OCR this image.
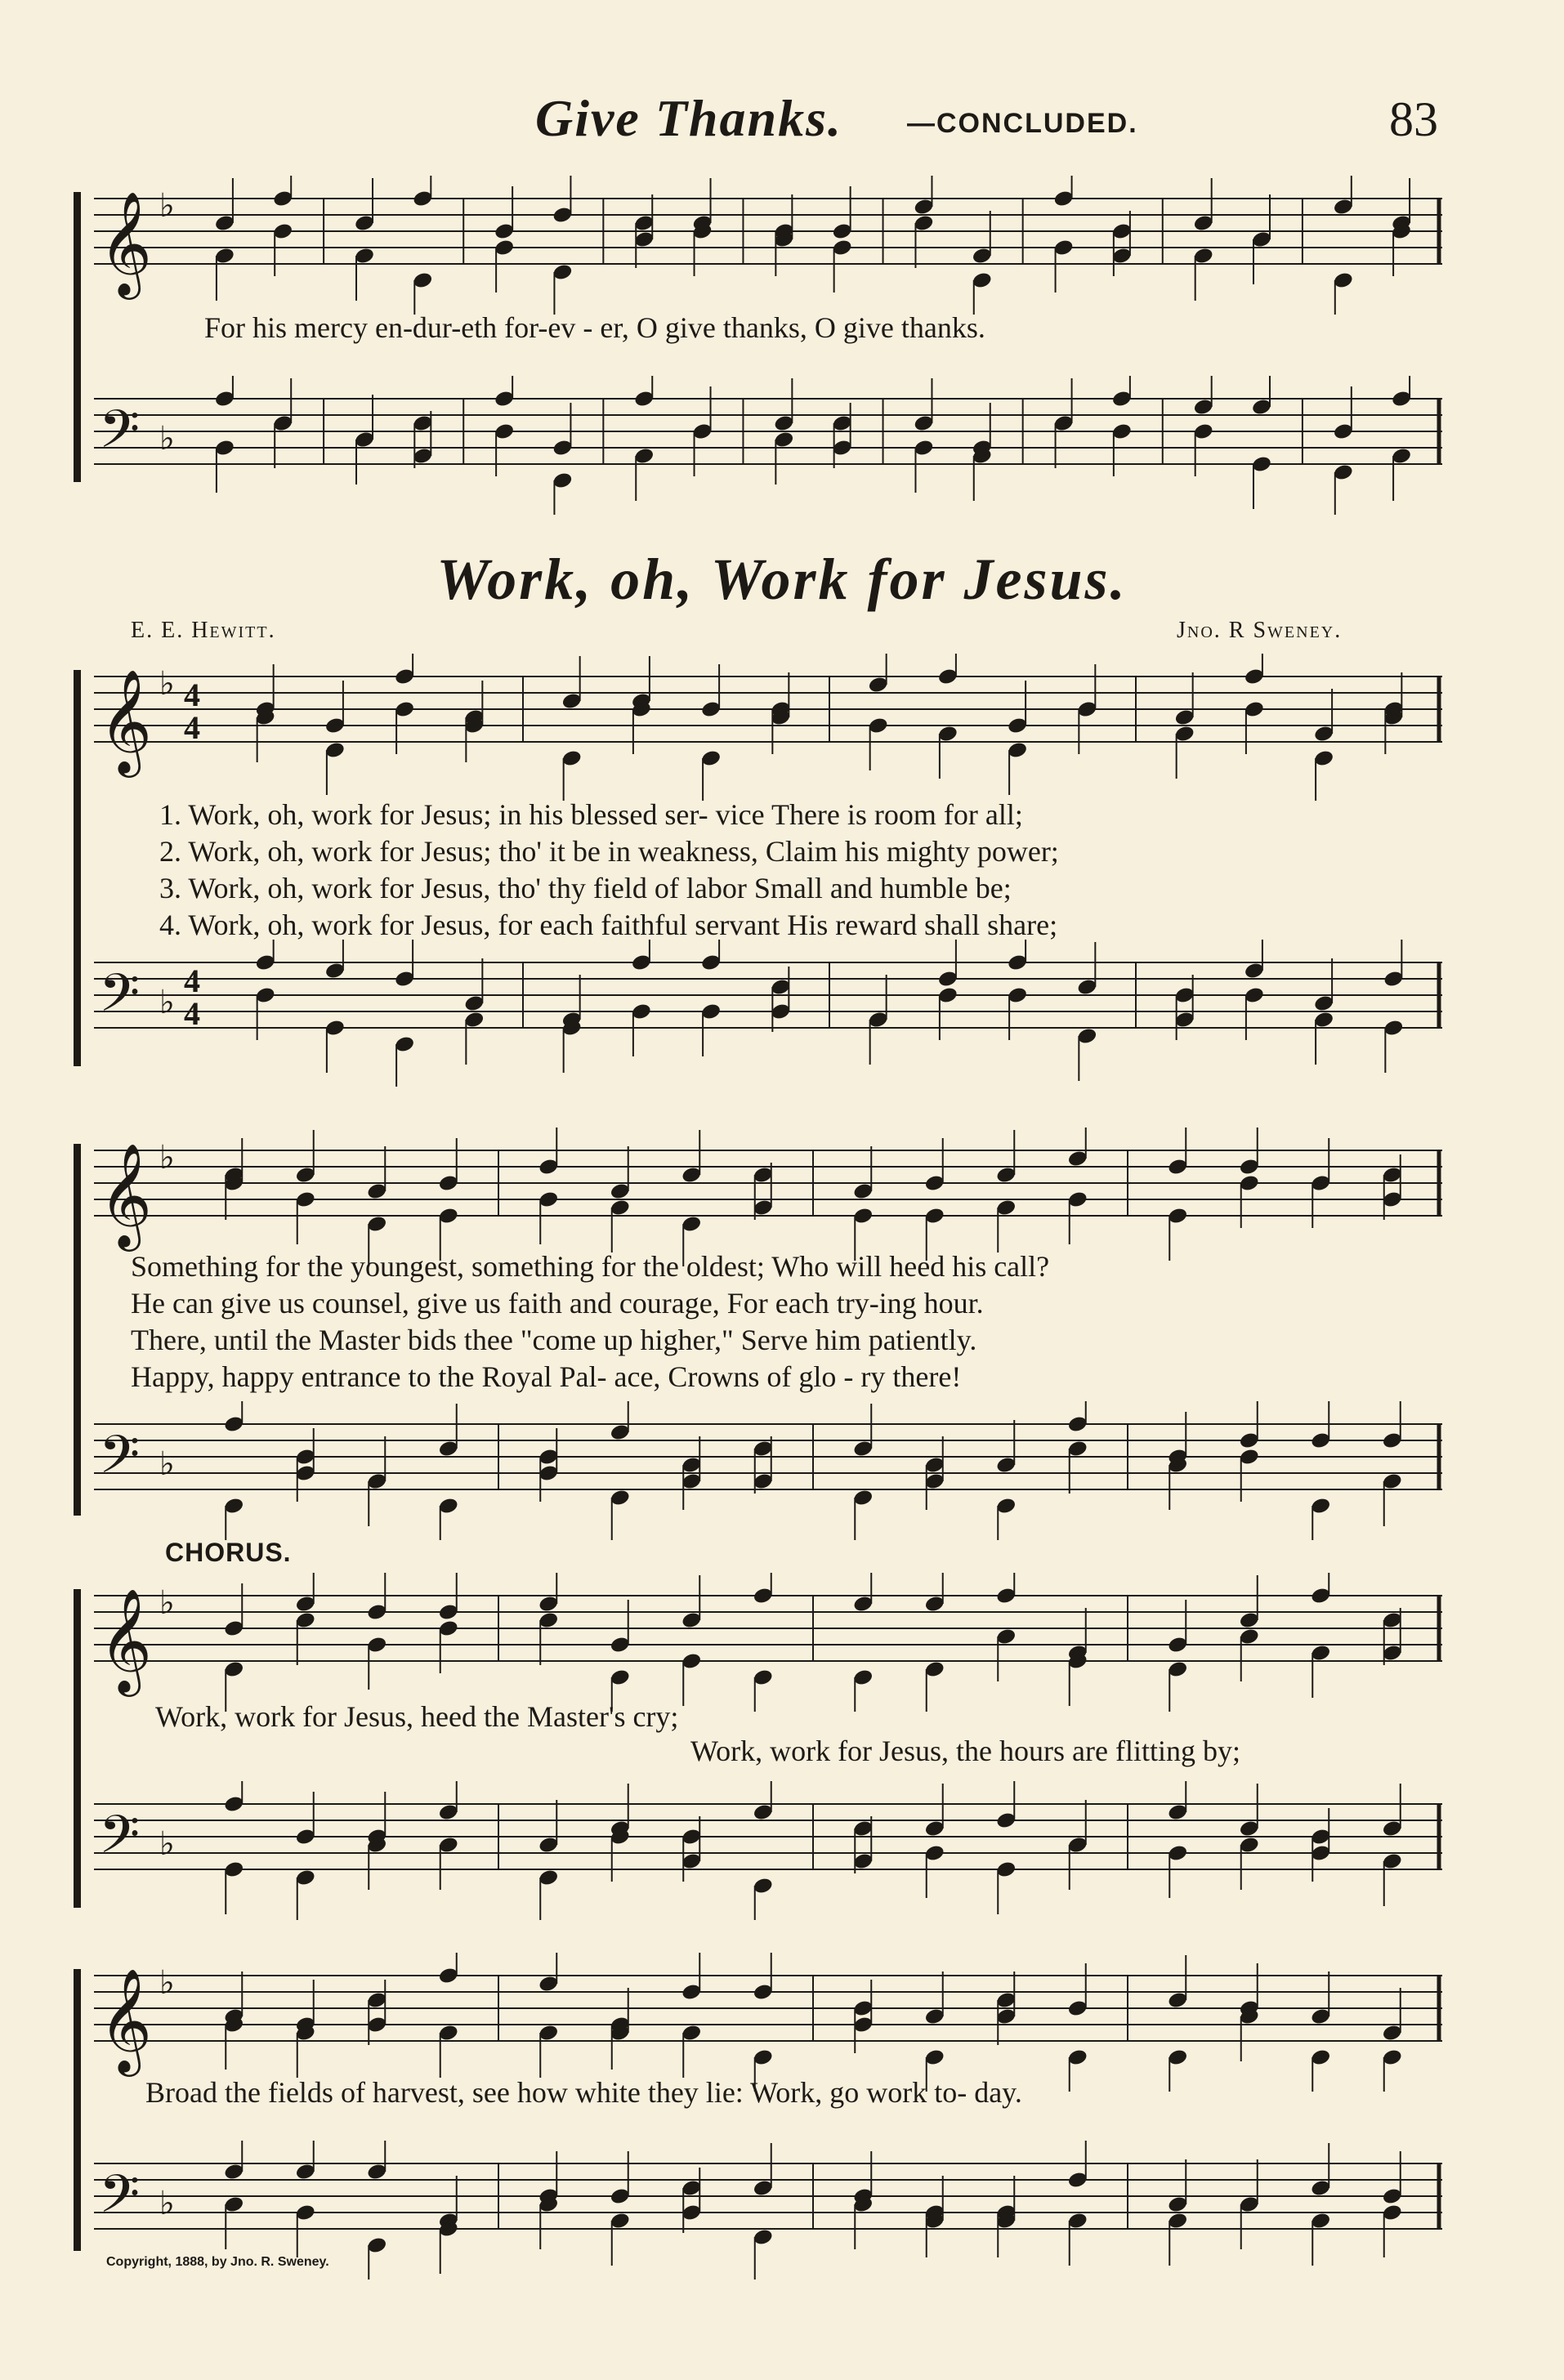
Give Thanks. —CONCLUDED.	83
𝄞 ♭
For his mercy en-dur-eth for-ev - er, O give thanks, O give thanks.
𝄢 ♭
Work, oh, Work for Jesus.
E. E. Hewitt.	Jno. R Sweney.
𝄞 ♭ 4
4
1. Work, oh, work for Jesus; in his blessed ser- vice There is room for all;
2. Work, oh, work for Jesus; tho' it be in weakness, Claim his mighty power;
3. Work, oh, work for Jesus, tho' thy field of labor Small and humble be;
4. Work, oh, work for Jesus, for each faithful servant His reward shall share;
𝄢 ♭
4
4
𝄞 ♭
Something for the youngest, something for the oldest; Who will heed his call?
He can give us counsel, give us faith and courage, For each try-ing hour.
There, until the Master bids thee "come up higher," Serve him patiently.
Happy, happy entrance to the Royal Pal- ace, Crowns of glo - ry there!
𝄢 ♭
CHORUS.
𝄞 ♭
Work, work for Jesus, heed the Master's cry;
Work, work for Jesus, the hours are flitting by;
𝄢 ♭
𝄞 ♭
Broad the fields of harvest, see how white they lie: Work, go work to- day.
𝄢 ♭
Copyright, 1888, by Jno. R. Sweney.
